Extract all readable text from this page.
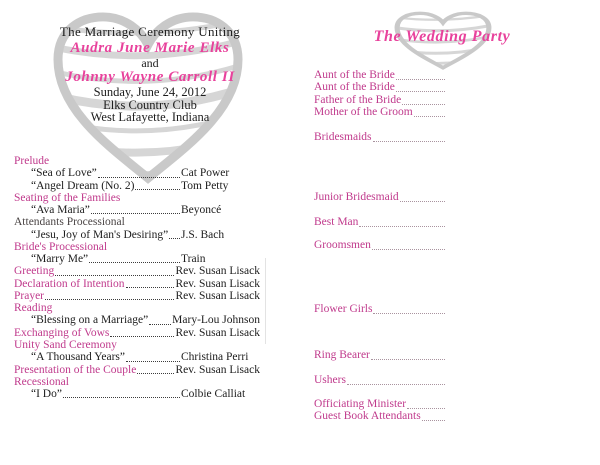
The Marriage Ceremony Uniting
Audra June Marie Elks
and
Johnny Wayne Carroll II
Sunday, June 24, 2012
Elks Country Club
West Lafayette, Indiana
Prelude
“Sea of Love”	Cat Power
“Angel Dream (No. 2)	Tom Petty
Seating of the Families
“Ava Maria”	Beyoncé
Attendants Processional
“Jesu, Joy of Man's Desiring” J.S. Bach
Bride's Processional
“Marry Me”	Train
Greeting	Rev. Susan Lisack
Declaration of Intention	Rev. Susan Lisack
Prayer	Rev. Susan Lisack
Reading
“Blessing on a Marriage” Mary-Lou Johnson
Exchanging of Vows	Rev. Susan Lisack
Unity Sand Ceremony
“A Thousand Years”	Christina Perri
Presentation of the Couple	Rev. Susan Lisack
Recessional
“I Do”	Colbie Calliat
The Wedding Party
Aunt of the Bride
Aunt of the Bride
Father of the Bride
Mother of the Groom
Bridesmaids
Junior Bridesmaid
Best Man
Groomsmen
Flower Girls
Ring Bearer
Ushers
Officiating Minister
Guest Book Attendants
